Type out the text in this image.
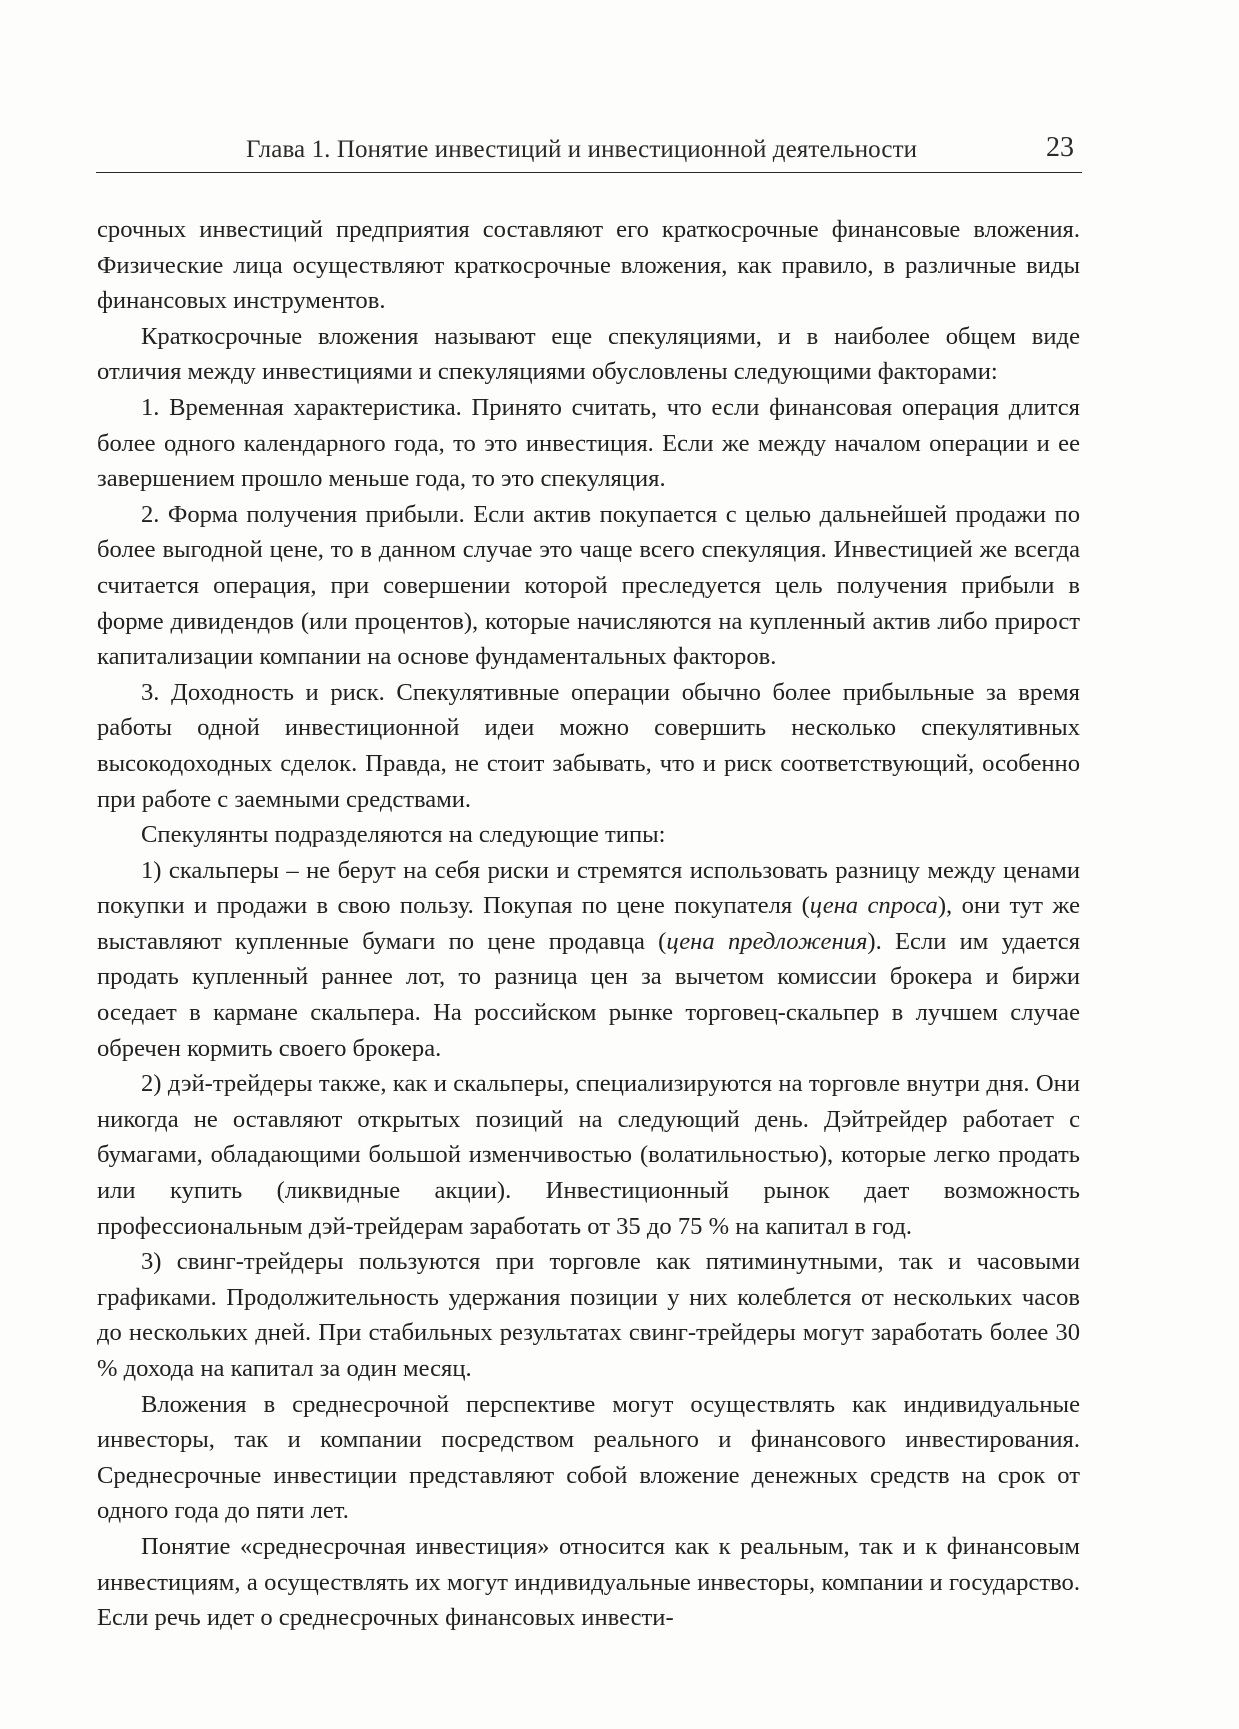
Глава 1. Понятие инвестиций и инвестиционной деятельности	23

срочных инвестиций предприятия составляют его краткосрочные финансовые вложения. Физические лица осуществляют краткосрочные вложения, как правило, в различные виды финансовых инструментов.

Краткосрочные вложения называют еще спекуляциями, и в наиболее общем виде отличия между инвестициями и спекуляциями обусловлены следующими факторами:

1. Временная характеристика. Принято считать, что если финансовая операция длится более одного календарного года, то это инвестиция. Если же между началом операции и ее завершением прошло меньше года, то это спекуляция.

2. Форма получения прибыли. Если актив покупается с целью дальнейшей продажи по более выгодной цене, то в данном случае это чаще всего спекуляция. Инвестицией же всегда считается операция, при совершении которой преследуется цель получения прибыли в форме дивидендов (или процентов), которые начисляются на купленный актив либо прирост капитализации компании на основе фундаментальных факторов.

3. Доходность и риск. Спекулятивные операции обычно более прибыльные за время работы одной инвестиционной идеи можно совершить несколько спекулятивных высокодоходных сделок. Правда, не стоит забывать, что и риск соответствующий, особенно при работе с заемными средствами.

Спекулянты подразделяются на следующие типы:

1) скальперы – не берут на себя риски и стремятся использовать разницу между ценами покупки и продажи в свою пользу. Покупая по цене покупателя (цена спроса), они тут же выставляют купленные бумаги по цене продавца (цена предложения). Если им удается продать купленный раннее лот, то разница цен за вычетом комиссии брокера и биржи оседает в кармане скальпера. На российском рынке торговец-скальпер в лучшем случае обречен кормить своего брокера.

2) дэй-трейдеры также, как и скальперы, специализируются на торговле внутри дня. Они никогда не оставляют открытых позиций на следующий день. Дэйтрейдер работает с бумагами, обладающими большой изменчивостью (волатильностью), которые легко продать или купить (ликвидные акции). Инвестиционный рынок дает возможность профессиональным дэй-трейдерам заработать от 35 до 75 % на капитал в год.

3) свинг-трейдеры пользуются при торговле как пятиминутными, так и часовыми графиками. Продолжительность удержания позиции у них колеблется от нескольких часов до нескольких дней. При стабильных результатах свинг-трейдеры могут заработать более 30 % дохода на капитал за один месяц.

Вложения в среднесрочной перспективе могут осуществлять как индивидуальные инвесторы, так и компании посредством реального и финансового инвестирования. Среднесрочные инвестиции представляют собой вложение денежных средств на срок от одного года до пяти лет.

Понятие «среднесрочная инвестиция» относится как к реальным, так и к финансовым инвестициям, а осуществлять их могут индивидуальные инвесторы, компании и государство. Если речь идет о среднесрочных финансовых инвести-
